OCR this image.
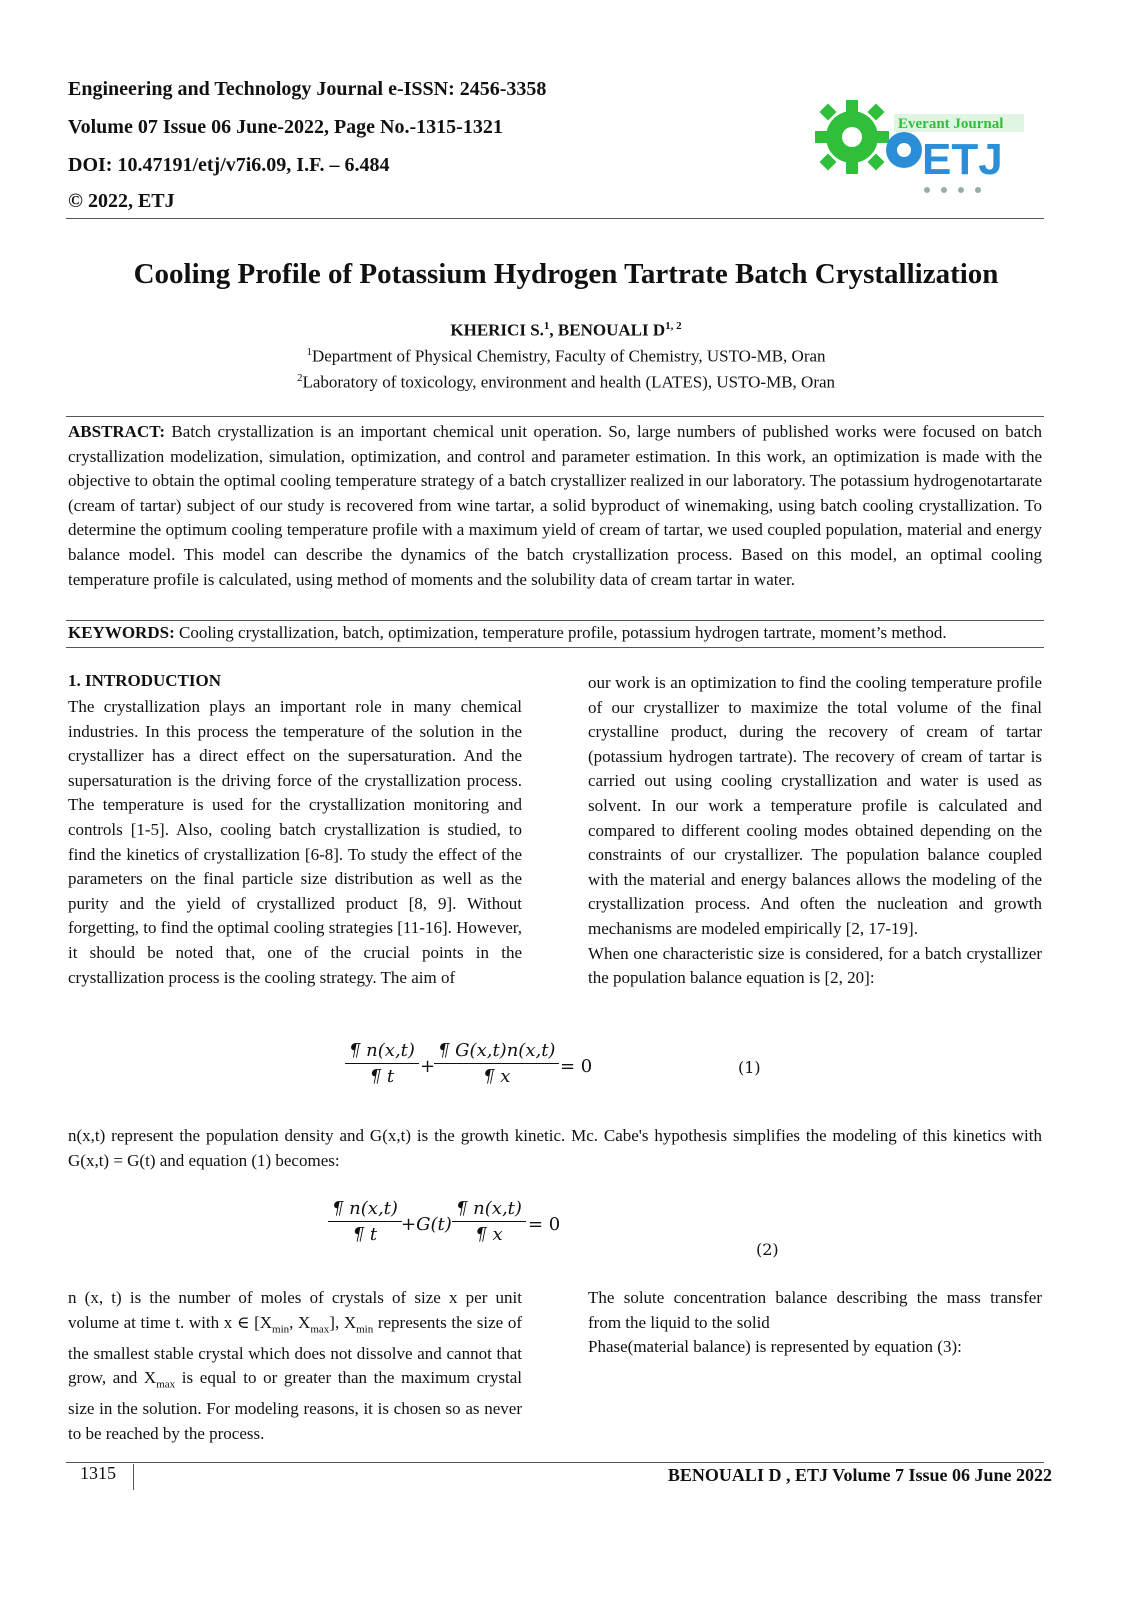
Engineering and Technology Journal e-ISSN: 2456-3358
Volume 07 Issue 06 June-2022, Page No.-1315-1321
DOI: 10.47191/etj/v7i6.09, I.F. – 6.484
© 2022, ETJ
Everant Journal
ETJ
Cooling Profile of Potassium Hydrogen Tartrate Batch Crystallization
KHERICI S.$^1$, BENOUALI D$^{1, 2}$
$^1$Department of Physical Chemistry, Faculty of Chemistry, USTO-MB, Oran
$^2$Laboratory of toxicology, environment and health (LATES), USTO-MB, Oran
ABSTRACT: Batch crystallization is an important chemical unit operation. So, large numbers of published works were focused on batch crystallization modelization, simulation, optimization, and control and parameter estimation. In this work, an optimization is made with the objective to obtain the optimal cooling temperature strategy of a batch crystallizer realized in our laboratory. The potassium hydrogenotartarate (cream of tartar) subject of our study is recovered from wine tartar, a solid byproduct of winemaking, using batch cooling crystallization. To determine the optimum cooling temperature profile with a maximum yield of cream of tartar, we used coupled population, material and energy balance model. This model can describe the dynamics of the batch crystallization process. Based on this model, an optimal cooling temperature profile is calculated, using method of moments and the solubility data of cream tartar in water.
KEYWORDS: Cooling crystallization, batch, optimization, temperature profile, potassium hydrogen tartrate, moment’s method.
1. INTRODUCTION
The crystallization plays an important role in many chemical industries. In this process the temperature of the solution in the crystallizer has a direct effect on the supersaturation. And the supersaturation is the driving force of the crystallization process. The temperature is used for the crystallization monitoring and controls [1-5]. Also, cooling batch crystallization is studied, to find the kinetics of crystallization [6-8]. To study the effect of the parameters on the final particle size distribution as well as the purity and the yield of crystallized product [8, 9]. Without forgetting, to find the optimal cooling strategies [11-16]. However, it should be noted that, one of the crucial points in the crystallization process is the cooling strategy. The aim of
our work is an optimization to find the cooling temperature profile of our crystallizer to maximize the total volume of the final crystalline product, during the recovery of cream of tartar (potassium hydrogen tartrate). The recovery of cream of tartar is carried out using cooling crystallization and water is used as solvent. In our work a temperature profile is calculated and compared to different cooling modes obtained depending on the constraints of our crystallizer. The population balance coupled with the material and energy balances allows the modeling of the crystallization process. And often the nucleation and growth mechanisms are modeled empirically [2, 17-19].
When one characteristic size is considered, for a batch crystallizer the population balance equation is [2, 20]:
¶ n(x,t)
¶ t	+
¶ G(x,t)n(x,t)
¶ x	= 0	(1)
n(x,t) represent the population density and G(x,t) is the growth kinetic. Mc. Cabe's hypothesis simplifies the modeling of this kinetics with G(x,t) = G(t) and equation (1) becomes:
¶ n(x,t)
¶ t	+G(t)
¶ n(x,t)
¶ x	= 0
(2)
n (x, t) is the number of moles of crystals of size x per unit volume at time t. with x ∈ [$X_{min}$, $X_{max}$], $X_{min}$ represents the size of the smallest stable crystal which does not dissolve and cannot that grow, and $X_{max}$ is equal to or greater than the maximum crystal size in the solution. For modeling reasons, it is chosen so as never to be reached by the process.
The solute concentration balance describing the mass transfer from the liquid to the solid
Phase(material balance) is represented by equation (3):
1315	BENOUALI D , ETJ Volume 7 Issue 06 June 2022
